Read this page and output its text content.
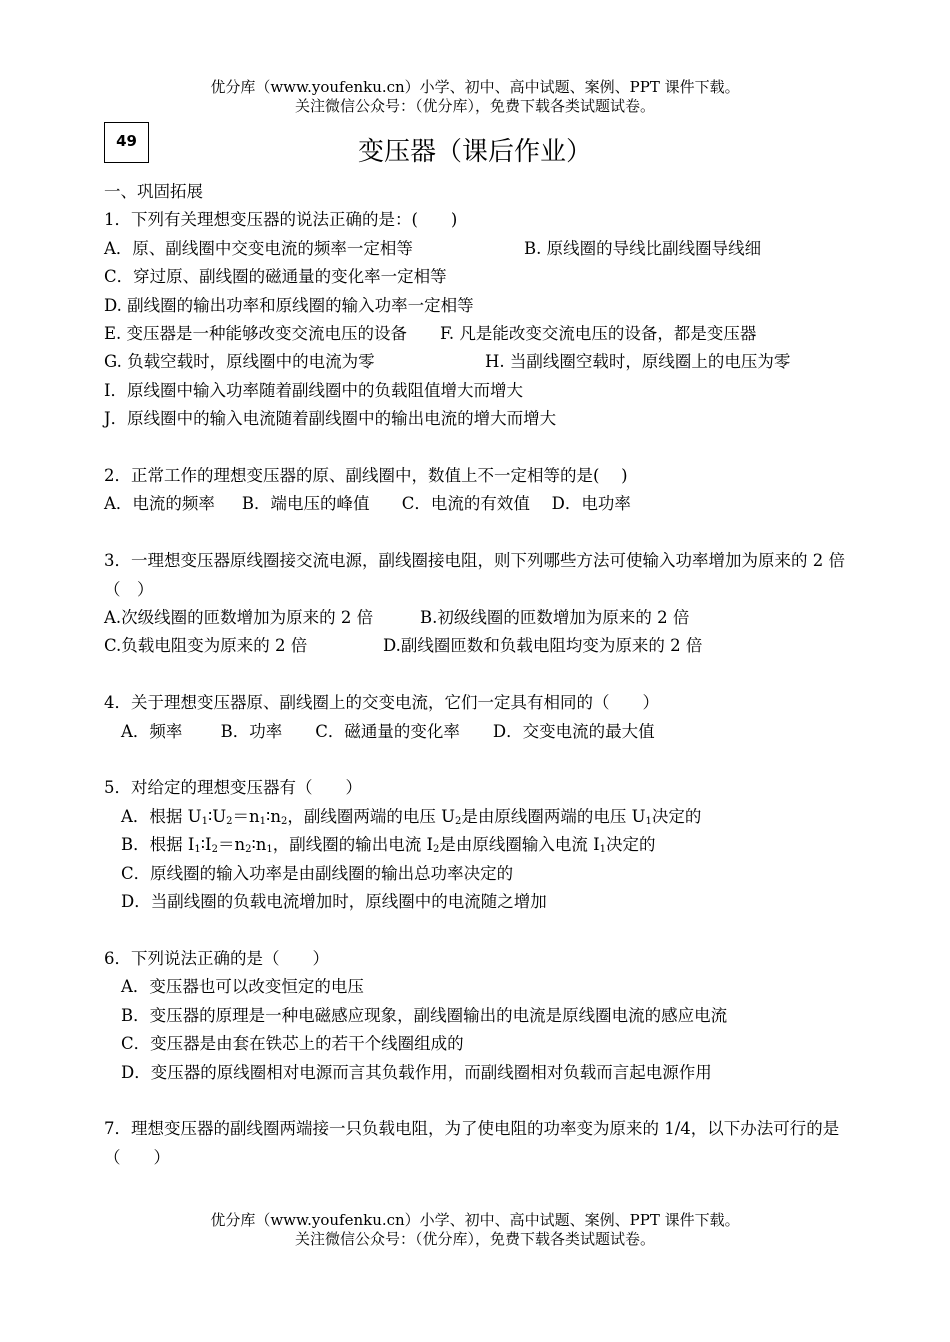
优分库（www.youfenku.cn）小学、初中、高中试题、案例、PPT 课件下载。
关注微信公众号：（优分库），免费下载各类试题试卷。
49	变压器（课后作业）
一、巩固拓展
1．下列有关理想变压器的说法正确的是：(　　)
A．原、副线圈中交变电流的频率一定相等	B. 原线圈的导线比副线圈导线细
C．穿过原、副线圈的磁通量的变化率一定相等
D. 副线圈的输出功率和原线圈的输入功率一定相等
E. 变压器是一种能够改变交流电压的设备　　F. 凡是能改变交流电压的设备，都是变压器
G. 负载空载时，原线圈中的电流为零	H. 当副线圈空载时，原线圈上的电压为零
I．原线圈中输入功率随着副线圈中的负载阻值增大而增大
J．原线圈中的输入电流随着副线圈中的输出电流的增大而增大
2．正常工作的理想变压器的原、副线圈中，数值上不一定相等的是(　 )
A．电流的频率　  B．端电压的峰值　   C．电流的有效值　 D．电功率
3．一理想变压器原线圈接交流电源，副线圈接电阻，则下列哪些方法可使输入功率增加为原来的 2 倍（　）
A.次级线圈的匝数增加为原来的 2 倍	B.初级线圈的匝数增加为原来的 2 倍
C.负载电阻变为原来的 2 倍	D.副线圈匝数和负载电阻均变为原来的 2 倍
4．关于理想变压器原、副线圈上的交变电流，它们一定具有相同的（　　）
A．频率　　 B．功率　　C．磁通量的变化率　　D．交变电流的最大值
5．对给定的理想变压器有（　　）
A．根据 $U_1∶U_2=n_1∶n_2$，副线圈两端的电压 $U_2$是由原线圈两端的电压 $U_1$决定的
B．根据 $I_1∶I_2=n_2∶n_1$，副线圈的输出电流 $I_2$是由原线圈输入电流 $I_1$决定的
C．原线圈的输入功率是由副线圈的输出总功率决定的
D．当副线圈的负载电流增加时，原线圈中的电流随之增加
6．下列说法正确的是（　　）
A．变压器也可以改变恒定的电压
B．变压器的原理是一种电磁感应现象，副线圈输出的电流是原线圈电流的感应电流
C．变压器是由套在铁芯上的若干个线圈组成的
D．变压器的原线圈相对电源而言其负载作用，而副线圈相对负载而言起电源作用
7．理想变压器的副线圈两端接一只负载电阻，为了使电阻的功率变为原来的 1/4，以下办法可行的是（　　）
优分库（www.youfenku.cn）小学、初中、高中试题、案例、PPT 课件下载。
关注微信公众号：（优分库），免费下载各类试题试卷。
